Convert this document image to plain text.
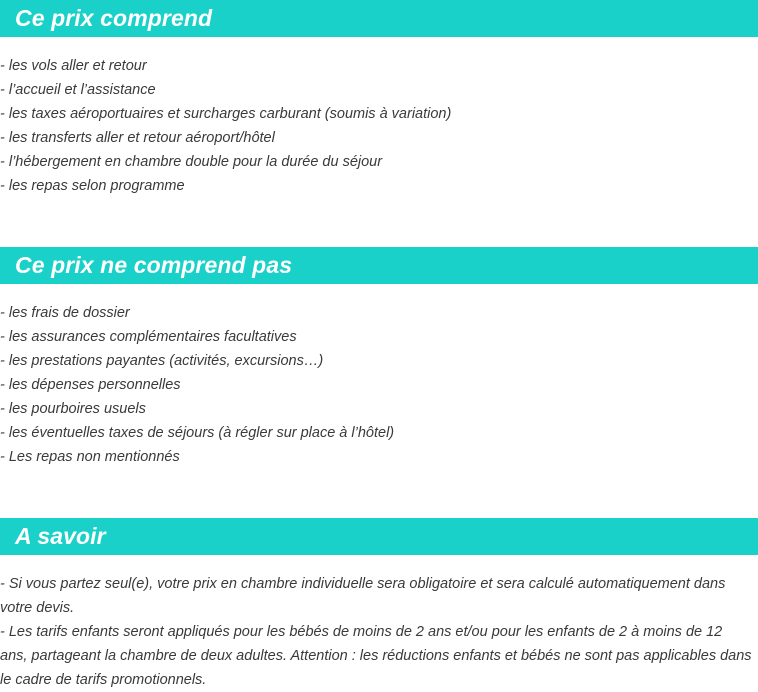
Ce prix comprend
- les vols aller et retour
- l’accueil et l’assistance
- les taxes aéroportuaires et surcharges carburant (soumis à variation)
- les transferts aller et retour aéroport/hôtel
- l’hébergement en chambre double pour la durée du séjour
- les repas selon programme
Ce prix ne comprend pas
- les frais de dossier
- les assurances complémentaires facultatives
- les prestations payantes (activités, excursions…)
- les dépenses personnelles
- les pourboires usuels
- les éventuelles taxes de séjours (à régler sur place à l’hôtel)
- Les repas non mentionnés
A savoir

- Si vous partez seul(e), votre prix en chambre individuelle sera obligatoire et sera calculé automatiquement dans votre devis.

- Les tarifs enfants seront appliqués pour les bébés de moins de 2 ans et/ou pour les enfants de 2 à moins de 12 ans, partageant la chambre de deux adultes. Attention : les réductions enfants et bébés ne sont pas applicables dans le cadre de tarifs promotionnels.
